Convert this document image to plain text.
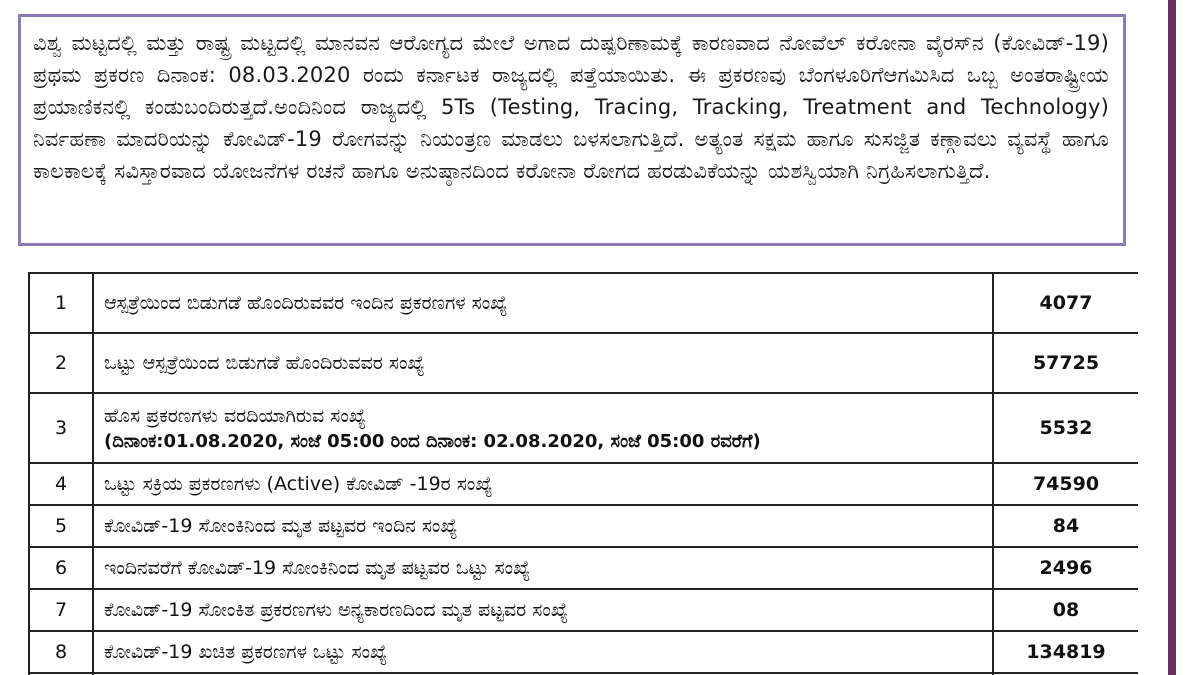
ವಿಶ್ವ ಮಟ್ಟದಲ್ಲಿ ಮತ್ತು ರಾಷ್ಟ್ರ ಮಟ್ಟದಲ್ಲಿ ಮಾನವನ ಆರೋಗ್ಯದ ಮೇಲೆ ಅಗಾದ ದುಷ್ಪರಿಣಾಮಕ್ಕೆ ಕಾರಣವಾದ ನೋವೆಲ್ ಕರೋನಾ ವೈರಸ್‌ನ (ಕೋವಿಡ್-19) ಪ್ರಥಮ ಪ್ರಕರಣ ದಿನಾಂಕ: 08.03.2020 ರಂದು ಕರ್ನಾಟಕ ರಾಜ್ಯದಲ್ಲಿ ಪತ್ತೆಯಾಯಿತು. ಈ ಪ್ರಕರಣವು ಬೆಂಗಳೂರಿಗೆಆಗಮಿಸಿದ ಒಬ್ಬ ಅಂತರಾಷ್ಟ್ರೀಯ ಪ್ರಯಾಣಿಕನಲ್ಲಿ ಕಂಡುಬಂದಿರುತ್ತದೆ.ಅಂದಿನಿಂದ ರಾಜ್ಯದಲ್ಲಿ 5Ts (Testing, Tracing, Tracking, Treatment and Technology) ನಿರ್ವಹಣಾ ಮಾದರಿಯನ್ನು ಕೋವಿಡ್-19 ರೋಗವನ್ನು ನಿಯಂತ್ರಣ ಮಾಡಲು ಬಳಸಲಾಗುತ್ತಿದೆ. ಅತ್ಯಂತ ಸಕ್ಷಮ ಹಾಗೂ ಸುಸಜ್ಜಿತ ಕಣ್ಗಾವಲು ವ್ಯವಸ್ಥೆ ಹಾಗೂ ಕಾಲಕಾಲಕ್ಕೆ ಸವಿಸ್ತಾರವಾದ ಯೋಜನೆಗಳ ರಚನೆ ಹಾಗೂ ಅನುಷ್ಠಾನದಿಂದ ಕರೋನಾ ರೋಗದ ಹರಡುವಿಕೆಯನ್ನು ಯಶಸ್ವಿಯಾಗಿ ನಿಗ್ರಹಿಸಲಾಗುತ್ತಿದೆ.

1	ಆಸ್ಪತ್ರೆಯಿಂದ ಬಿಡುಗಡೆ ಹೊಂದಿರುವವರ ಇಂದಿನ ಪ್ರಕರಣಗಳ ಸಂಖ್ಯೆ	4077
2	ಒಟ್ಟು ಆಸ್ಪತ್ರೆಯಿಂದ ಬಿಡುಗಡೆ ಹೊಂದಿರುವವರ ಸಂಖ್ಯೆ	57725
3	ಹೊಸ ಪ್ರಕರಣಗಳು ವರದಿಯಾಗಿರುವ ಸಂಖ್ಯೆ
(ದಿನಾಂಕ:01.08.2020, ಸಂಜೆ 05:00 ರಿಂದ ದಿನಾಂಕ: 02.08.2020, ಸಂಜೆ 05:00 ರವರೆಗೆ)	5532
4	ಒಟ್ಟು ಸಕ್ರಿಯ ಪ್ರಕರಣಗಳು (Active) ಕೋವಿಡ್ -19ರ ಸಂಖ್ಯೆ	74590
5	ಕೋವಿಡ್-19 ಸೋಂಕಿನಿಂದ ಮೃತ ಪಟ್ಟವರ ಇಂದಿನ ಸಂಖ್ಯೆ	84
6	ಇಂದಿನವರೆಗೆ ಕೋವಿಡ್-19 ಸೋಂಕಿನಿಂದ ಮೃತ ಪಟ್ಟವರ ಒಟ್ಟು ಸಂಖ್ಯೆ	2496
7	ಕೋವಿಡ್-19 ಸೋಂಕಿತ ಪ್ರಕರಣಗಳು ಅನ್ಯಕಾರಣದಿಂದ ಮೃತ ಪಟ್ಟವರ ಸಂಖ್ಯೆ	08
8	ಕೋವಿಡ್-19 ಖಚಿತ ಪ್ರಕರಣಗಳ ಒಟ್ಟು ಸಂಖ್ಯೆ	134819
